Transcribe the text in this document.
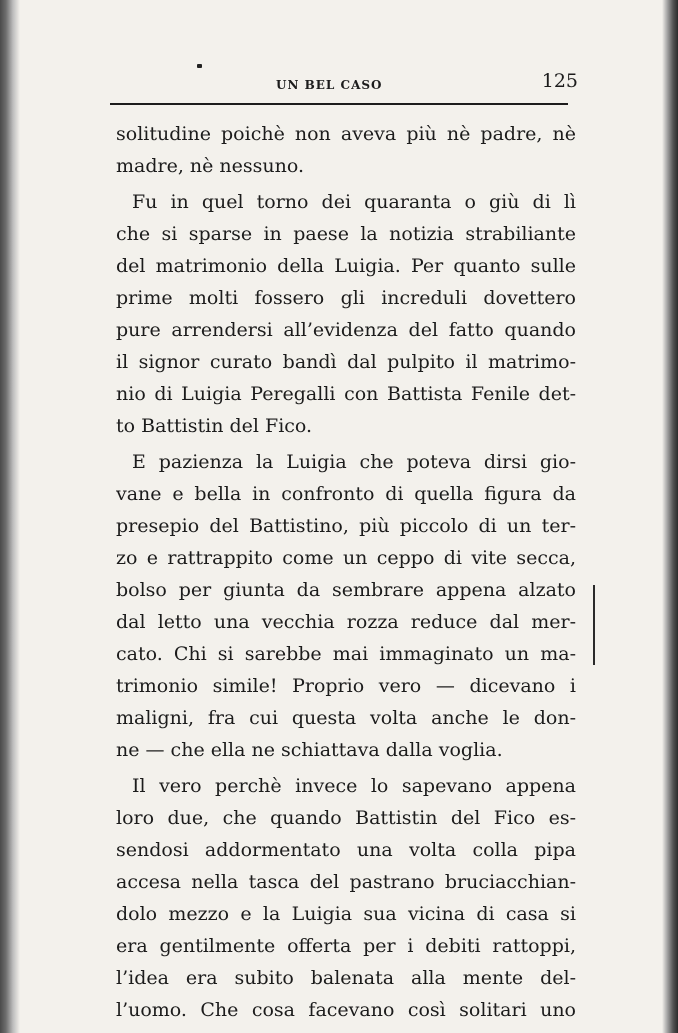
UN BEL CASO	125
solitudine poichè non aveva più nè padre, nè
madre, nè nessuno.
Fu in quel torno dei quaranta o giù di lì
che si sparse in paese la notizia strabiliante
del matrimonio della Luigia. Per quanto sulle
prime molti fossero gli increduli dovettero
pure arrendersi all’evidenza del fatto quando
il signor curato bandì dal pulpito il matrimo-
nio di Luigia Peregalli con Battista Fenile det-
to Battistin del Fico.
E pazienza la Luigia che poteva dirsi gio-
vane e bella in confronto di quella figura da
presepio del Battistino, più piccolo di un ter-
zo e rattrappito come un ceppo di vite secca,
bolso per giunta da sembrare appena alzato
dal letto una vecchia rozza reduce dal mer-
cato. Chi si sarebbe mai immaginato un ma-
trimonio simile! Proprio vero — dicevano i
maligni, fra cui questa volta anche le don-
ne — che ella ne schiattava dalla voglia.
Il vero perchè invece lo sapevano appena
loro due, che quando Battistin del Fico es-
sendosi addormentato una volta colla pipa
accesa nella tasca del pastrano bruciacchian-
dolo mezzo e la Luigia sua vicina di casa si
era gentilmente offerta per i debiti rattoppi,
l’idea era subito balenata alla mente del-
l’uomo. Che cosa facevano così solitari uno
